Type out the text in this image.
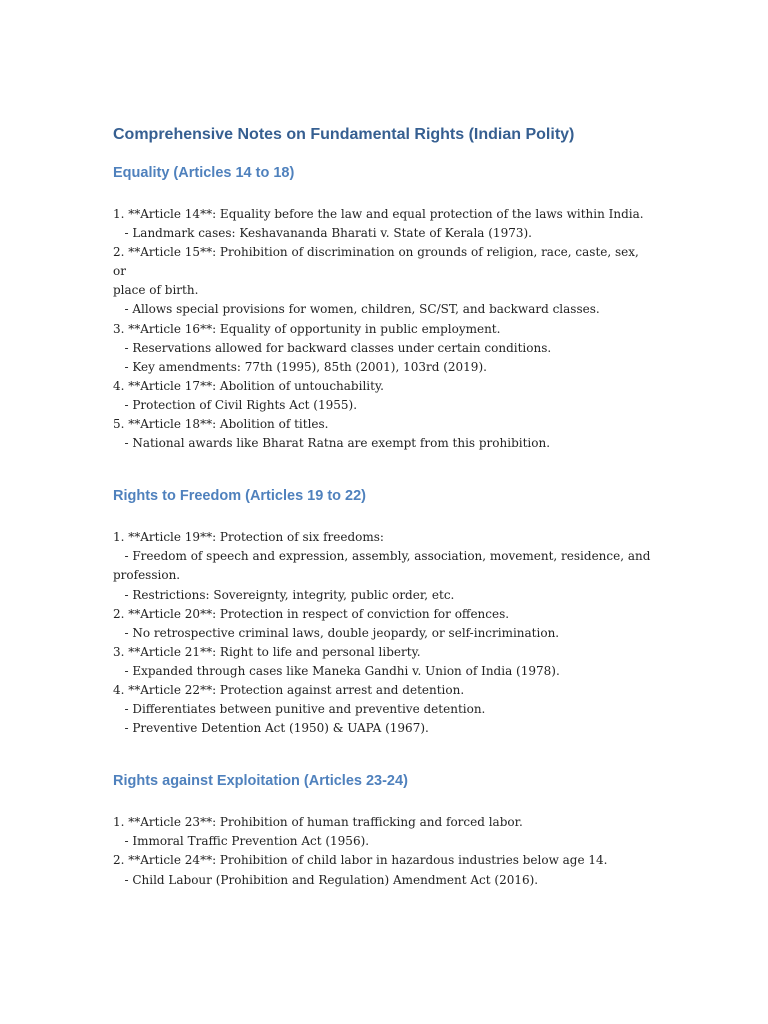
Comprehensive Notes on Fundamental Rights (Indian Polity)
Equality (Articles 14 to 18)

1. **Article 14**: Equality before the law and equal protection of the laws within India.

- Landmark cases: Keshavananda Bharati v. State of Kerala (1973).

2. **Article 15**: Prohibition of discrimination on grounds of religion, race, caste, sex, or

place of birth.

- Allows special provisions for women, children, SC/ST, and backward classes.

3. **Article 16**: Equality of opportunity in public employment.

- Reservations allowed for backward classes under certain conditions.

- Key amendments: 77th (1995), 85th (2001), 103rd (2019).

4. **Article 17**: Abolition of untouchability.

- Protection of Civil Rights Act (1955).

5. **Article 18**: Abolition of titles.

- National awards like Bharat Ratna are exempt from this prohibition.

Rights to Freedom (Articles 19 to 22)

1. **Article 19**: Protection of six freedoms:

- Freedom of speech and expression, assembly, association, movement, residence, and

profession.

- Restrictions: Sovereignty, integrity, public order, etc.

2. **Article 20**: Protection in respect of conviction for offences.

- No retrospective criminal laws, double jeopardy, or self-incrimination.

3. **Article 21**: Right to life and personal liberty.

- Expanded through cases like Maneka Gandhi v. Union of India (1978).

4. **Article 22**: Protection against arrest and detention.

- Differentiates between punitive and preventive detention.

- Preventive Detention Act (1950) & UAPA (1967).

Rights against Exploitation (Articles 23-24)

1. **Article 23**: Prohibition of human trafficking and forced labor.

- Immoral Traffic Prevention Act (1956).

2. **Article 24**: Prohibition of child labor in hazardous industries below age 14.

- Child Labour (Prohibition and Regulation) Amendment Act (2016).
